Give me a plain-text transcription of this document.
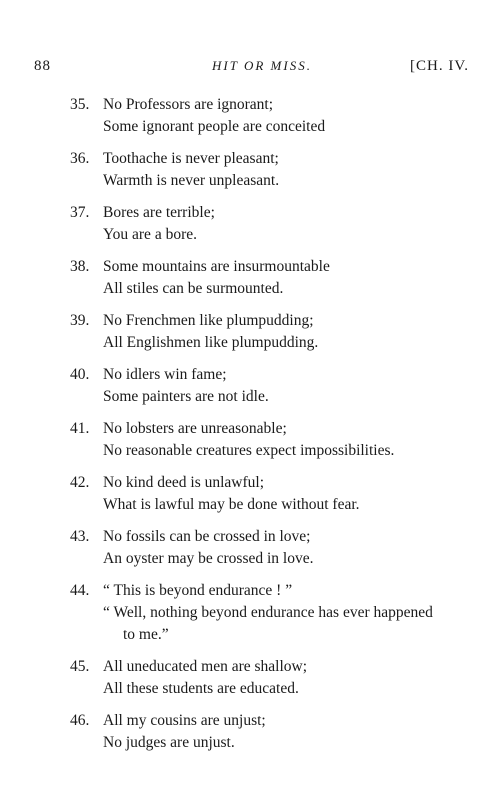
88	HIT OR MISS.	[CH. IV.
35. No Professors are ignorant;
Some ignorant people are conceited
36. Toothache is never pleasant;
Warmth is never unpleasant.
37. Bores are terrible;
You are a bore.
38. Some mountains are insurmountable
All stiles can be surmounted.
39. No Frenchmen like plumpudding;
All Englishmen like plumpudding.
40. No idlers win fame;
Some painters are not idle.
41. No lobsters are unreasonable;
No reasonable creatures expect impossibilities.
42. No kind deed is unlawful;
What is lawful may be done without fear.
43. No fossils can be crossed in love;
An oyster may be crossed in love.
44. “ This is beyond endurance ! ”
“ Well, nothing beyond endurance has ever happened
to me.”
45. All uneducated men are shallow;
All these students are educated.
46. All my cousins are unjust;
No judges are unjust.
